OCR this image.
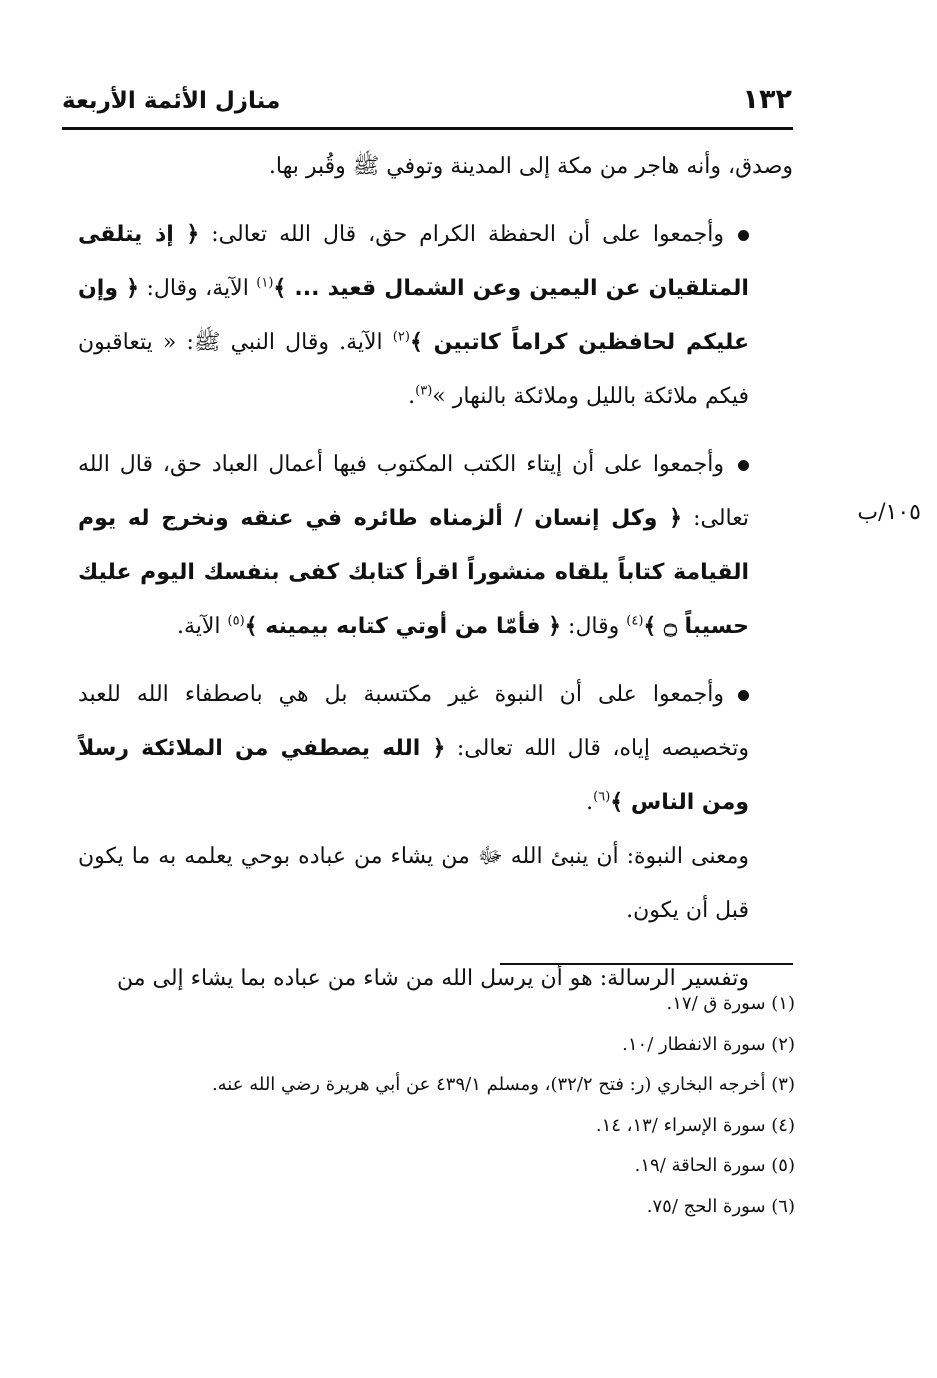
١٣٢
منازل الأئمة الأربعة
١٠٥/ب

وصدق، وأنه هاجر من مكة إلى المدينة وتوفي ﷺ وقُبر بها.

وأجمعوا على أن الحفظة الكرام حق، قال الله تعالى: ﴿ إذ يتلقى المتلقيان عن اليمين وعن الشمال قعيد ... ﴾$^{(١)}$ الآية، وقال: ﴿ وإن عليكم لحافظين كراماً كاتبين ﴾$^{(٢)}$ الآية. وقال النبي ﷺ: « يتعاقبون فيكم ملائكة بالليل وملائكة بالنهار »$^{(٣)}$.

وأجمعوا على أن إيتاء الكتب المكتوب فيها أعمال العباد حق، قال الله تعالى: ﴿ وكل إنسان / ألزمناه طائره في عنقه ونخرج له يوم القيامة كتاباً يلقاه منشوراً اقرأ كتابك كفى بنفسك اليوم عليك حسيباً ۝ ﴾$^{(٤)}$ وقال: ﴿ فأمّا من أوتي كتابه بيمينه ﴾$^{(٥)}$ الآية.

وأجمعوا على أن النبوة غير مكتسبة بل هي باصطفاء الله للعبد وتخصيصه إياه، قال الله تعالى: ﴿ الله يصطفي من الملائكة رسلاً ومن الناس ﴾$^{(٦)}$.

ومعنى النبوة: أن ينبئ الله ﷻ من يشاء من عباده بوحي يعلمه به ما يكون قبل أن يكون.

وتفسير الرسالة: هو أن يرسل الله من شاء من عباده بما يشاء إلى من

(١) سورة ق /١٧.

(٢) سورة الانفطار /١٠.

(٣) أخرجه البخاري (ر: فتح ٣٢/٢)، ومسلم ٤٣٩/١ عن أبي هريرة رضي الله عنه.

(٤) سورة الإسراء /١٣، ١٤.

(٥) سورة الحاقة /١٩.

(٦) سورة الحج /٧٥.
